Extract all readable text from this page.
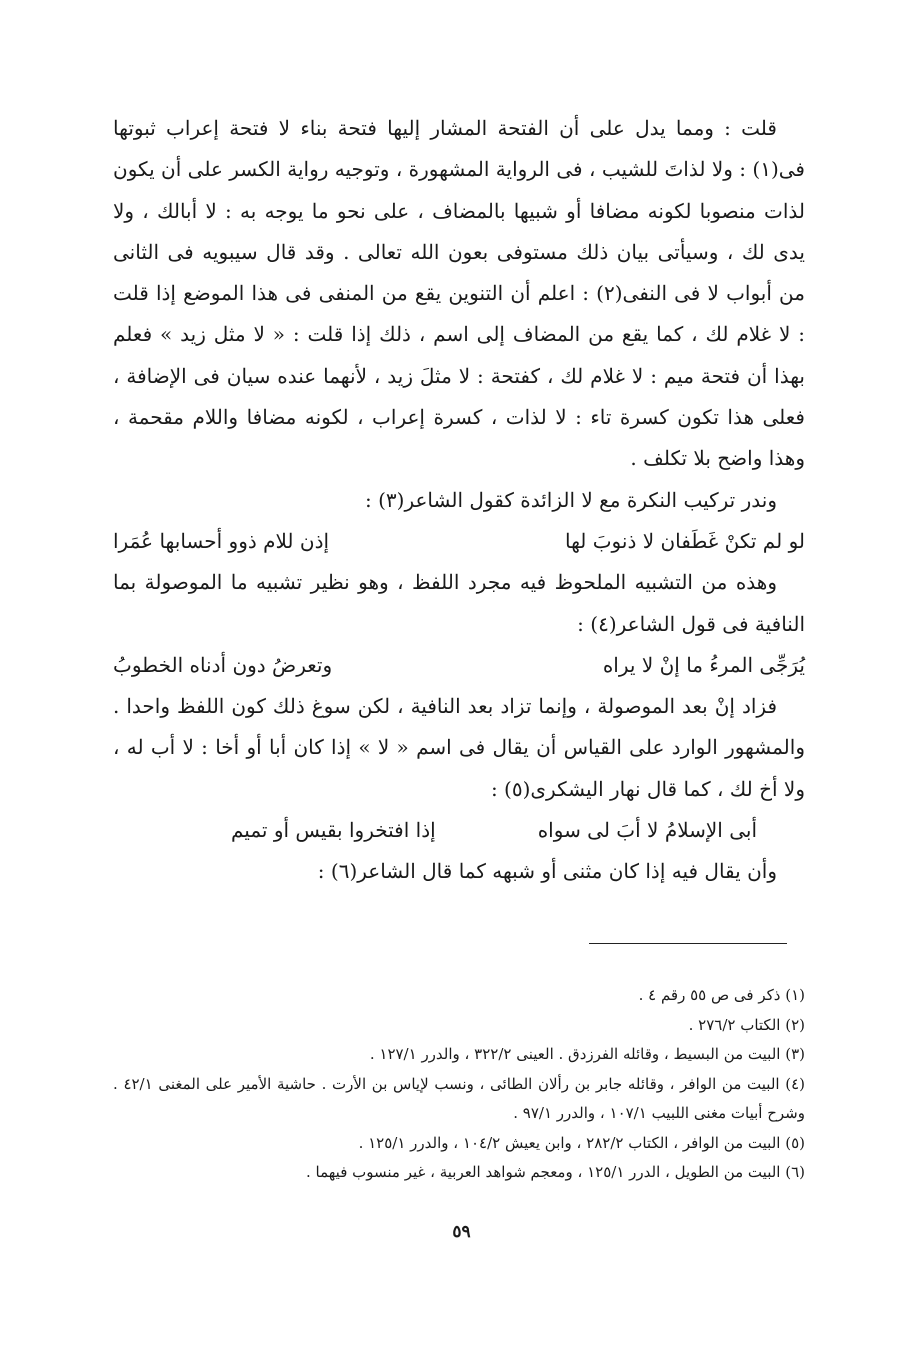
قلت : ومما يدل على أن الفتحة المشار إليها فتحة بناء لا فتحة إعراب ثبوتها فى(١) : ولا لذاتَ للشيب ، فى الرواية المشهورة ، وتوجيه رواية الكسر على أن يكون لذات منصوبا لكونه مضافا أو شبيها بالمضاف ، على نحو ما يوجه به : لا أبالك ، ولا يدى لك ، وسيأتى بيان ذلك مستوفى بعون الله تعالى . وقد قال سيبويه فى الثانى من أبواب لا فى النفى(٢) : اعلم أن التنوين يقع من المنفى فى هذا الموضع إذا قلت : لا غلام لك ، كما يقع من المضاف إلى اسم ، ذلك إذا قلت : « لا مثل زيد » فعلم بهذا أن فتحة ميم : لا غلام لك ، كفتحة : لا مثلَ زيد ، لأنهما عنده سيان فى الإضافة ، فعلى هذا تكون كسرة تاء : لا لذات ، كسرة إعراب ، لكونه مضافا واللام مقحمة ، وهذا واضح بلا تكلف .

وندر تركيب النكرة مع لا الزائدة كقول الشاعر(٣) :

لو لم تكنْ غَطَفان لا ذنوبَ لها
إذن للام ذوو أحسابها عُمَرا

وهذه من التشبيه الملحوظ فيه مجرد اللفظ ، وهو نظير تشبيه ما الموصولة بما النافية فى قول الشاعر(٤) :

يُرَجِّى المرءُ ما إنْ لا يراه
وتعرضُ دون أدناه الخطوبُ

فزاد إنْ بعد الموصولة ، وإنما تزاد بعد النافية ، لكن سوغ ذلك كون اللفظ واحدا . والمشهور الوارد على القياس أن يقال فى اسم « لا » إذا كان أبا أو أخا : لا أب له ، ولا أخ لك ، كما قال نهار اليشكرى(٥) :

أبى الإسلامُ لا أبَ لى سواه
إذا افتخروا بقيس أو تميم

وأن يقال فيه إذا كان مثنى أو شبهه كما قال الشاعر(٦) :

(١) ذكر فى ص ٥٥ رقم ٤ .

(٢) الكتاب ٢٧٦/٢ .

(٣) البيت من البسيط ، وقائله الفرزدق . العينى ٣٢٢/٢ ، والدرر ١٢٧/١ .

(٤) البيت من الوافر ، وقائله جابر بن رألان الطائى ، ونسب لإياس بن الأرت . حاشية الأمير على المغنى ٤٢/١ . وشرح أبيات مغنى اللبيب ١٠٧/١ ، والدرر ٩٧/١ .

(٥) البيت من الوافر ، الكتاب ٢٨٢/٢ ، وابن يعيش ١٠٤/٢ ، والدرر ١٢٥/١ .

(٦) البيت من الطويل ، الدرر ١٢٥/١ ، ومعجم شواهد العربية ، غير منسوب فيهما .

٥٩
